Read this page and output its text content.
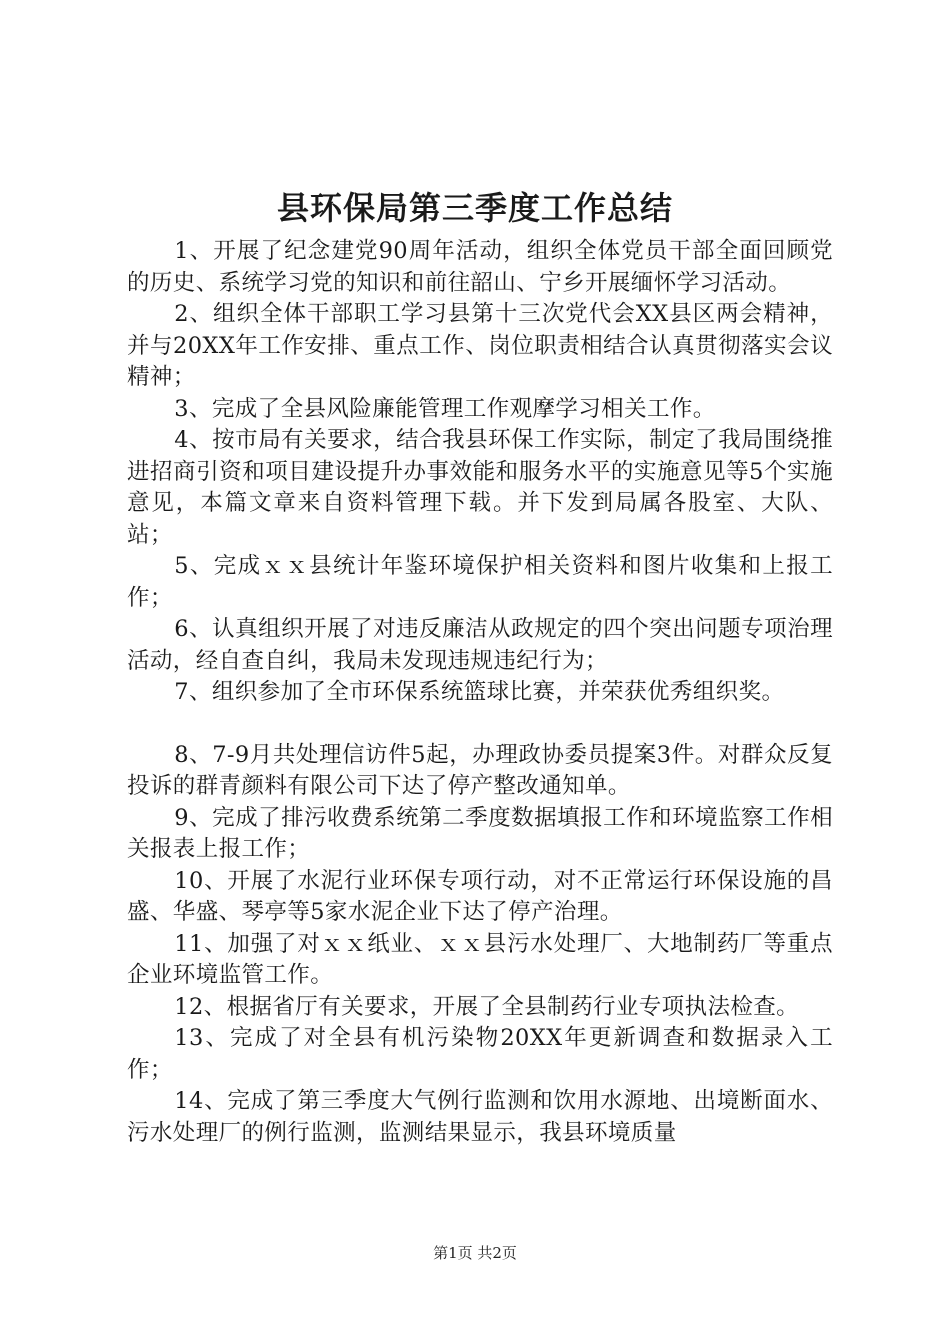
县环保局第三季度工作总结

1、开展了纪念建党90周年活动，组织全体党员干部全面回顾党的历史、系统学习党的知识和前往韶山、宁乡开展缅怀学习活动。

2、组织全体干部职工学习县第十三次党代会XX县区两会精神，并与20XX年工作安排、重点工作、岗位职责相结合认真贯彻落实会议精神；

3、完成了全县风险廉能管理工作观摩学习相关工作。

4、按市局有关要求，结合我县环保工作实际，制定了我局围绕推进招商引资和项目建设提升办事效能和服务水平的实施意见等5个实施意见，本篇文章来自资料管理下载。并下发到局属各股室、大队、站；

5、完成ｘｘ县统计年鉴环境保护相关资料和图片收集和上报工作；

6、认真组织开展了对违反廉洁从政规定的四个突出问题专项治理活动，经自查自纠，我局未发现违规违纪行为；

7、组织参加了全市环保系统篮球比赛，并荣获优秀组织奖。

8、7-9月共处理信访件5起，办理政协委员提案3件。对群众反复投诉的群青颜料有限公司下达了停产整改通知单。

9、完成了排污收费系统第二季度数据填报工作和环境监察工作相关报表上报工作；

10、开展了水泥行业环保专项行动，对不正常运行环保设施的昌盛、华盛、琴亭等5家水泥企业下达了停产治理。

11、加强了对ｘｘ纸业、ｘｘ县污水处理厂、大地制药厂等重点企业环境监管工作。

12、根据省厅有关要求，开展了全县制药行业专项执法检查。

13、完成了对全县有机污染物20XX年更新调查和数据录入工作；

14、完成了第三季度大气例行监测和饮用水源地、出境断面水、污水处理厂的例行监测，监测结果显示，我县环境质量

第1页 共2页
